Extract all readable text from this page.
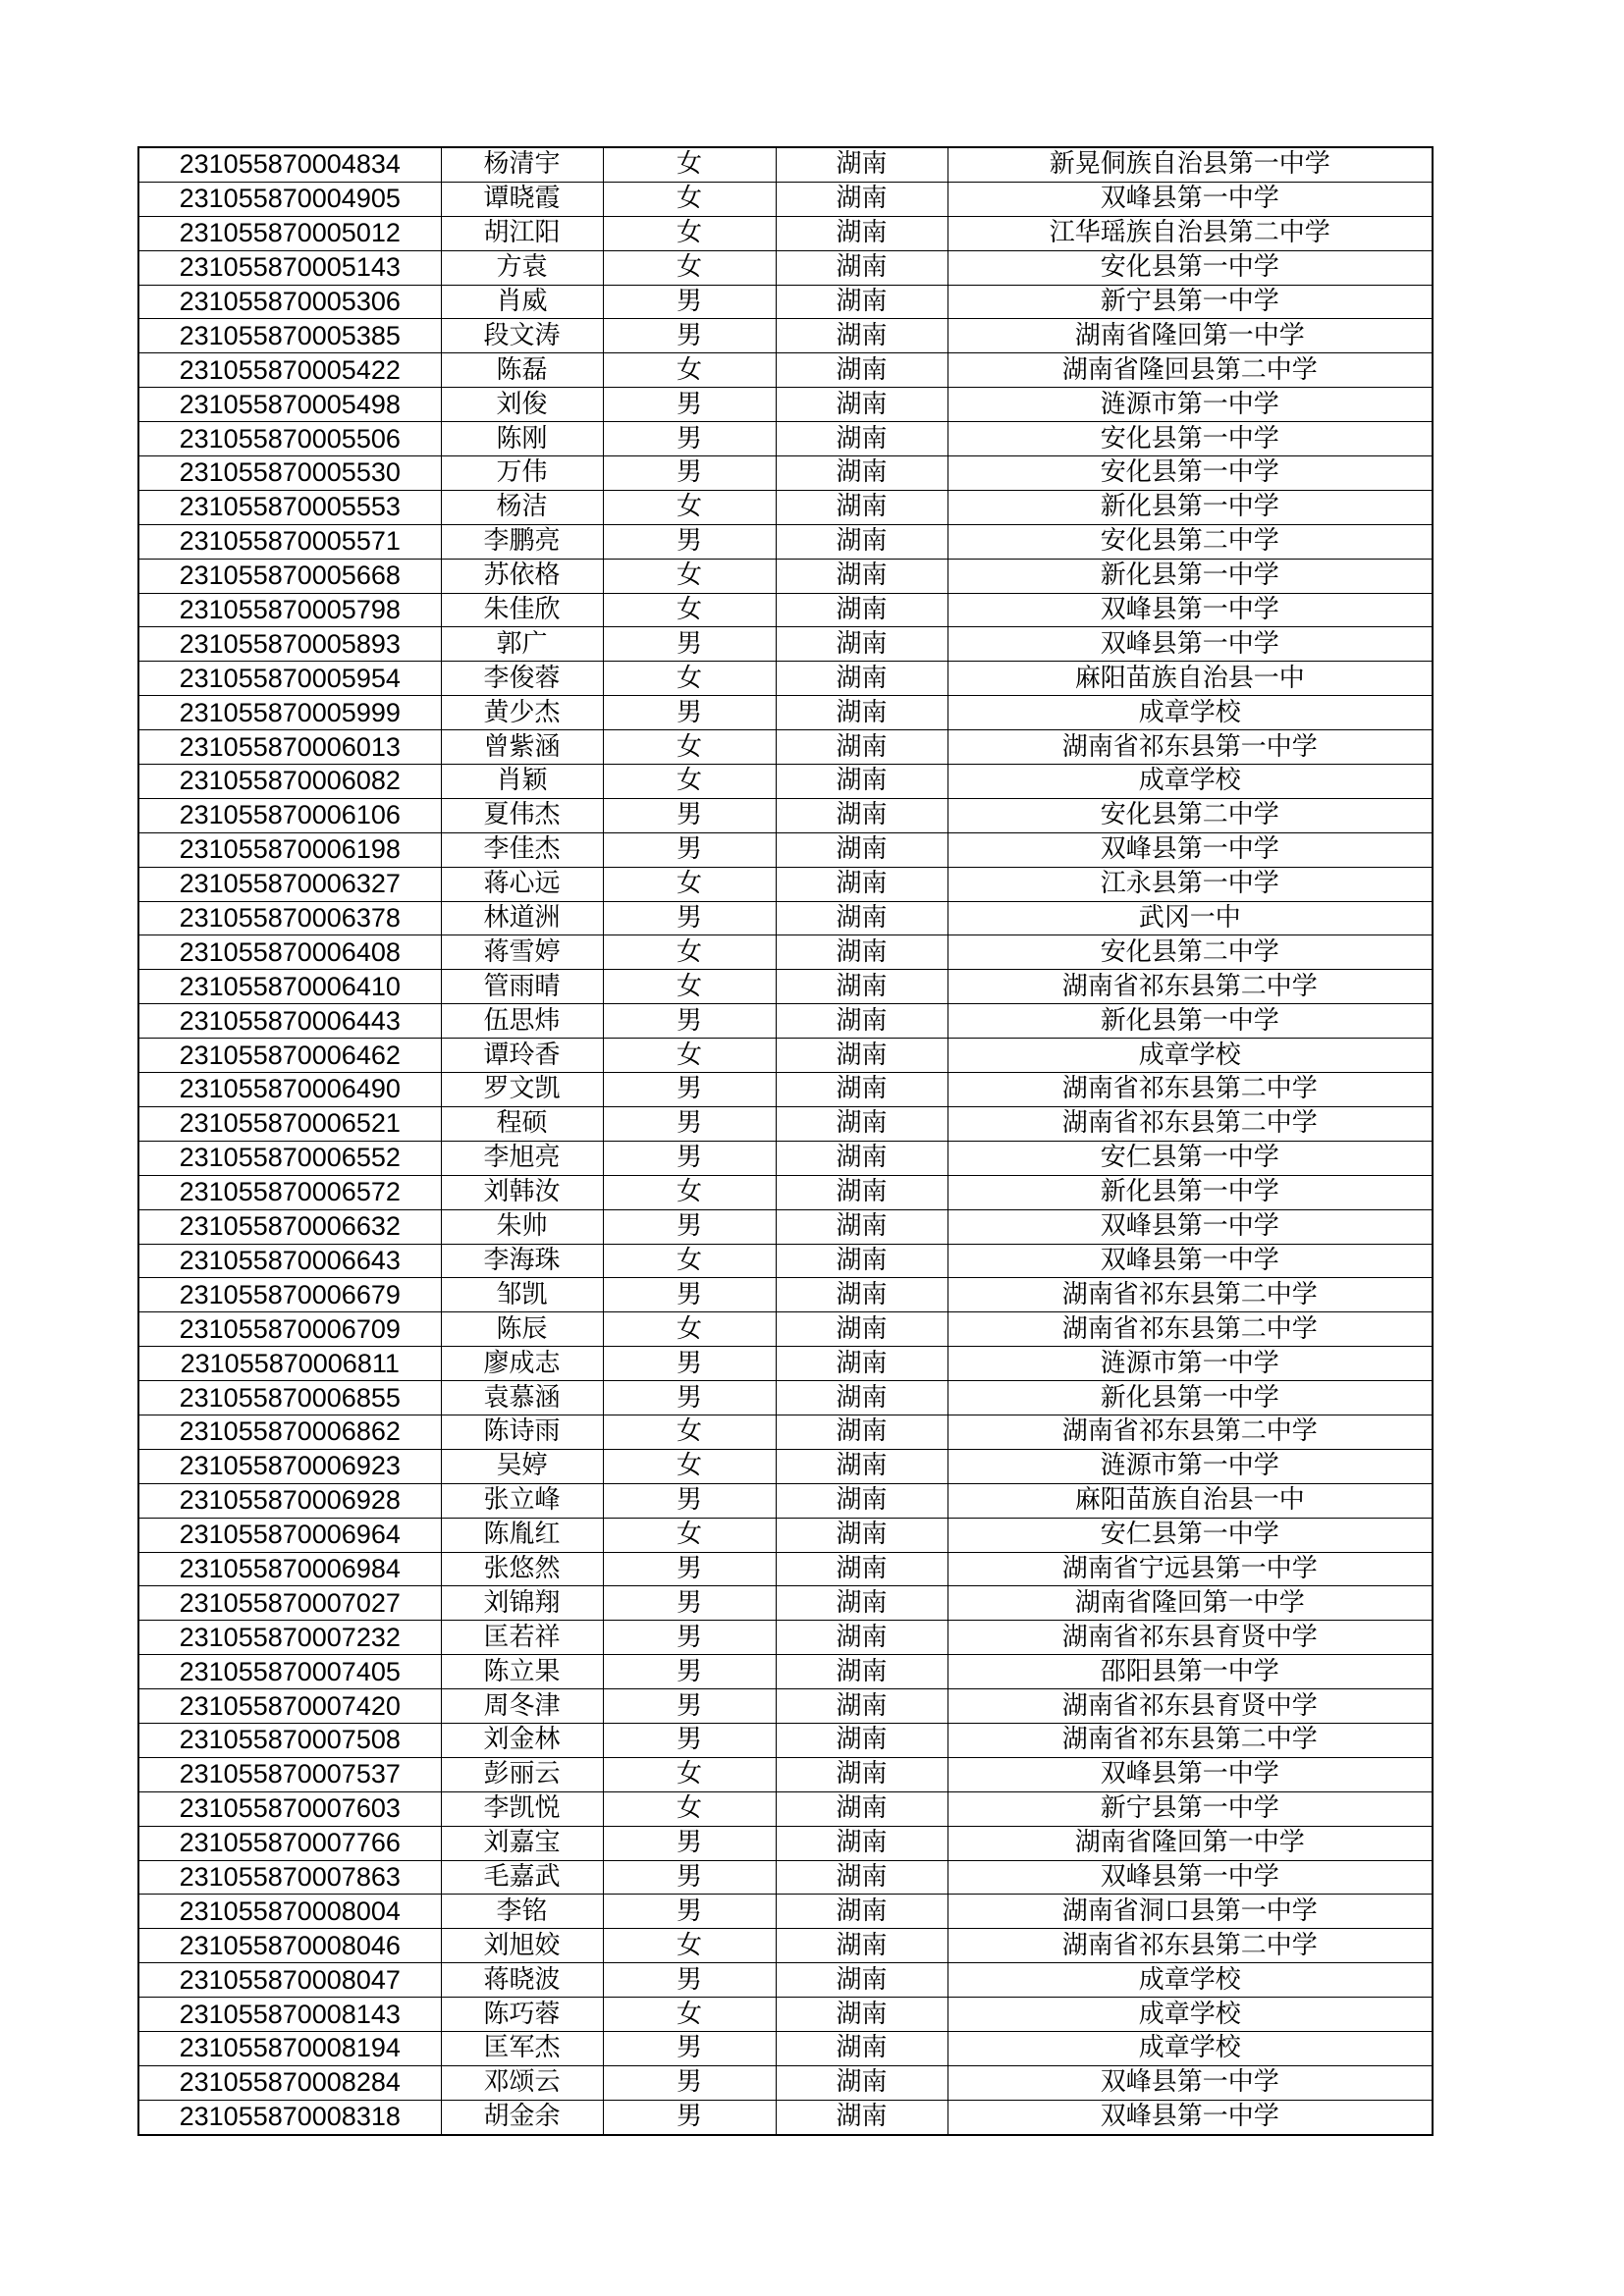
231055870004834	杨清宇	女	湖南	新晃侗族自治县第一中学
231055870004905	谭晓霞	女	湖南	双峰县第一中学
231055870005012	胡江阳	女	湖南	江华瑶族自治县第二中学
231055870005143	方袁	女	湖南	安化县第一中学
231055870005306	肖威	男	湖南	新宁县第一中学
231055870005385	段文涛	男	湖南	湖南省隆回第一中学
231055870005422	陈磊	女	湖南	湖南省隆回县第二中学
231055870005498	刘俊	男	湖南	涟源市第一中学
231055870005506	陈刚	男	湖南	安化县第一中学
231055870005530	万伟	男	湖南	安化县第一中学
231055870005553	杨洁	女	湖南	新化县第一中学
231055870005571	李鹏亮	男	湖南	安化县第二中学
231055870005668	苏依格	女	湖南	新化县第一中学
231055870005798	朱佳欣	女	湖南	双峰县第一中学
231055870005893	郭广	男	湖南	双峰县第一中学
231055870005954	李俊蓉	女	湖南	麻阳苗族自治县一中
231055870005999	黄少杰	男	湖南	成章学校
231055870006013	曾紫涵	女	湖南	湖南省祁东县第一中学
231055870006082	肖颖	女	湖南	成章学校
231055870006106	夏伟杰	男	湖南	安化县第二中学
231055870006198	李佳杰	男	湖南	双峰县第一中学
231055870006327	蒋心远	女	湖南	江永县第一中学
231055870006378	林道洲	男	湖南	武冈一中
231055870006408	蒋雪婷	女	湖南	安化县第二中学
231055870006410	管雨晴	女	湖南	湖南省祁东县第二中学
231055870006443	伍思炜	男	湖南	新化县第一中学
231055870006462	谭玲香	女	湖南	成章学校
231055870006490	罗文凯	男	湖南	湖南省祁东县第二中学
231055870006521	程硕	男	湖南	湖南省祁东县第二中学
231055870006552	李旭亮	男	湖南	安仁县第一中学
231055870006572	刘韩汝	女	湖南	新化县第一中学
231055870006632	朱帅	男	湖南	双峰县第一中学
231055870006643	李海珠	女	湖南	双峰县第一中学
231055870006679	邹凯	男	湖南	湖南省祁东县第二中学
231055870006709	陈辰	女	湖南	湖南省祁东县第二中学
231055870006811	廖成志	男	湖南	涟源市第一中学
231055870006855	袁慕涵	男	湖南	新化县第一中学
231055870006862	陈诗雨	女	湖南	湖南省祁东县第二中学
231055870006923	吴婷	女	湖南	涟源市第一中学
231055870006928	张立峰	男	湖南	麻阳苗族自治县一中
231055870006964	陈胤红	女	湖南	安仁县第一中学
231055870006984	张悠然	男	湖南	湖南省宁远县第一中学
231055870007027	刘锦翔	男	湖南	湖南省隆回第一中学
231055870007232	匡若祥	男	湖南	湖南省祁东县育贤中学
231055870007405	陈立果	男	湖南	邵阳县第一中学
231055870007420	周冬津	男	湖南	湖南省祁东县育贤中学
231055870007508	刘金林	男	湖南	湖南省祁东县第二中学
231055870007537	彭丽云	女	湖南	双峰县第一中学
231055870007603	李凯悦	女	湖南	新宁县第一中学
231055870007766	刘嘉宝	男	湖南	湖南省隆回第一中学
231055870007863	毛嘉武	男	湖南	双峰县第一中学
231055870008004	李铭	男	湖南	湖南省洞口县第一中学
231055870008046	刘旭姣	女	湖南	湖南省祁东县第二中学
231055870008047	蒋晓波	男	湖南	成章学校
231055870008143	陈巧蓉	女	湖南	成章学校
231055870008194	匡军杰	男	湖南	成章学校
231055870008284	邓颂云	男	湖南	双峰县第一中学
231055870008318	胡金余	男	湖南	双峰县第一中学
